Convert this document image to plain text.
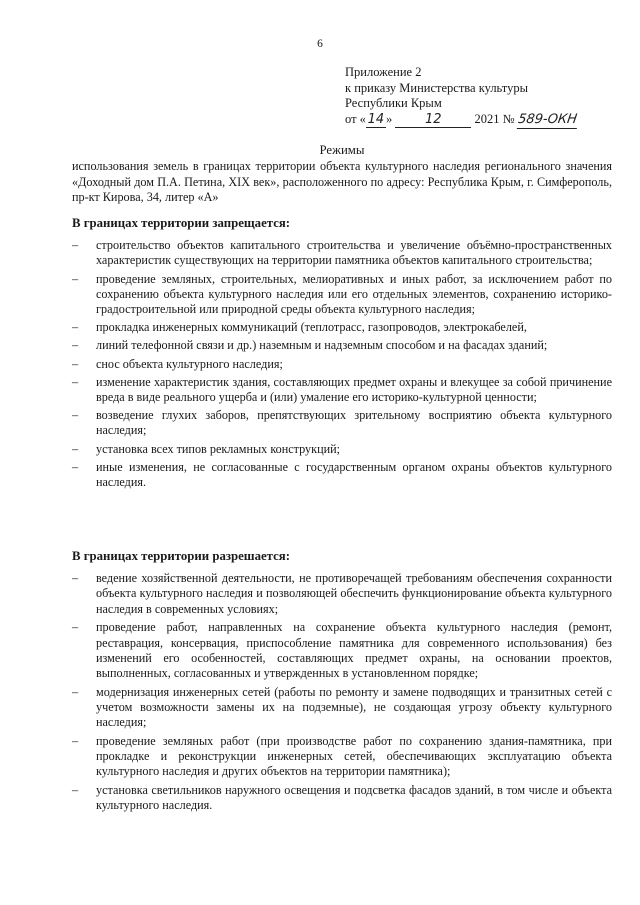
6
Приложение 2
к приказу Министерства культуры
Республики Крым
от « 14 »	12	2021 № 589-ОКН
Режимы
использования земель в границах территории объекта культурного наследия регионального значения «Доходный дом П.А. Петина, XIX век», расположенного по адресу: Республика Крым, г. Симферополь, пр-кт Кирова, 34, литер «А»
В границах территории запрещается:
–	строительство объектов капитального строительства и увеличение объёмно-пространственных характеристик существующих на территории памятника объектов капитального строительства;
–	проведение земляных, строительных, мелиоративных и иных работ, за исключением работ по сохранению объекта культурного наследия или его отдельных элементов, сохранению историко-градостроительной или природной среды объекта культурного наследия;
–	прокладка инженерных коммуникаций (теплотрасс, газопроводов, электрокабелей,
–	линий телефонной связи и др.) наземным и надземным способом и на фасадах зданий;
–	снос объекта культурного наследия;
–	изменение характеристик здания, составляющих предмет охраны и влекущее за собой причинение вреда в виде реального ущерба и (или) умаление его историко-культурной ценности;
–	возведение глухих заборов, препятствующих зрительному восприятию объекта культурного наследия;
–	установка всех типов рекламных конструкций;
–	иные изменения, не согласованные с государственным органом охраны объектов культурного наследия.
В границах территории разрешается:
–	ведение хозяйственной деятельности, не противоречащей требованиям обеспечения сохранности объекта культурного наследия и позволяющей обеспечить функционирование объекта культурного наследия в современных условиях;
–	проведение работ, направленных на сохранение объекта культурного наследия (ремонт, реставрация, консервация, приспособление памятника для современного использования) без изменений его особенностей, составляющих предмет охраны, на основании проектов, выполненных, согласованных и утвержденных в установленном порядке;
–	модернизация инженерных сетей (работы по ремонту и замене подводящих и транзитных сетей с учетом возможности замены их на подземные), не создающая угрозу объекту культурного наследия;
–	проведение земляных работ (при производстве работ по сохранению здания-памятника, при прокладке и реконструкции инженерных сетей, обеспечивающих эксплуатацию объекта культурного наследия и других объектов на территории памятника);
–	установка светильников наружного освещения и подсветка фасадов зданий, в том числе и объекта культурного наследия.
